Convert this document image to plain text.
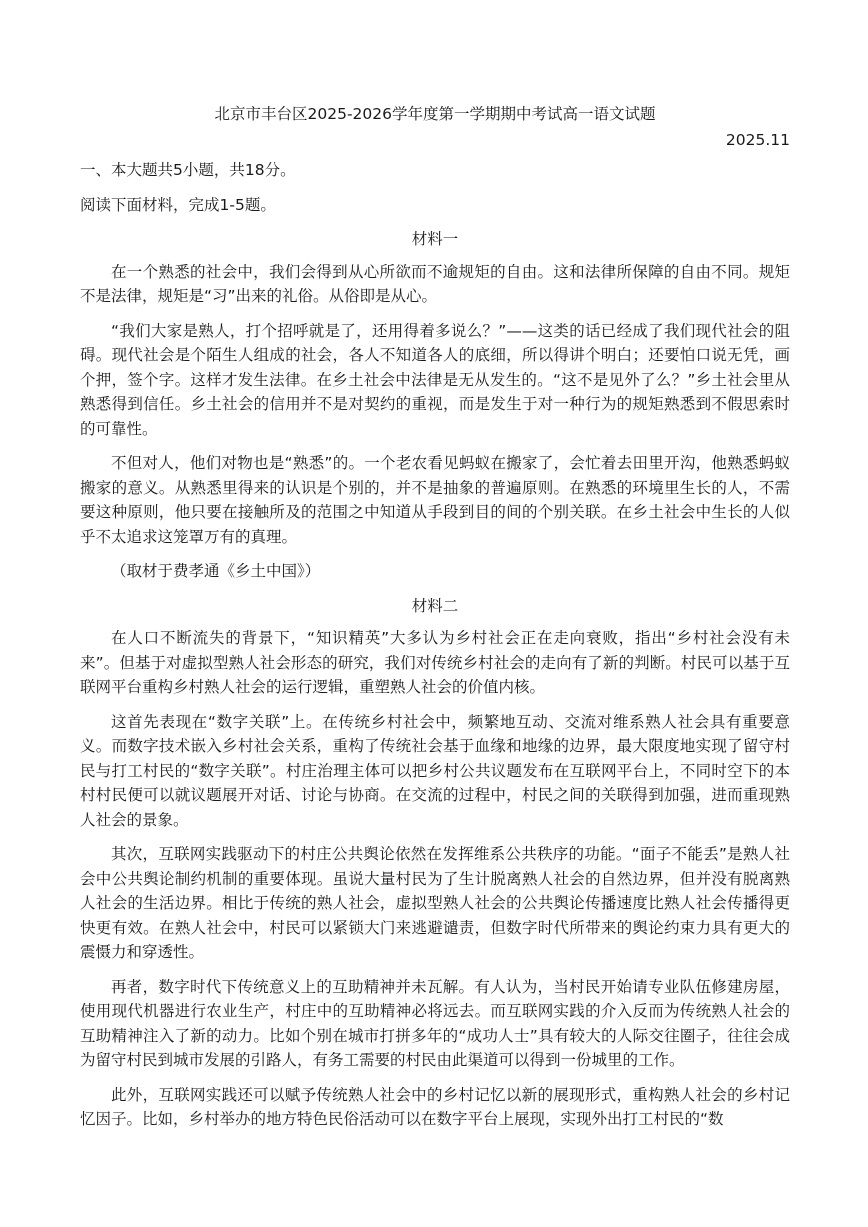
北京市丰台区2025-2026学年度第一学期期中考试高一语文试题

2025.11

一、本大题共5小题，共18分。

阅读下面材料，完成1-5题。

材料一

在一个熟悉的社会中，我们会得到从心所欲而不逾规矩的自由。这和法律所保障的自由不同。规矩不是法律，规矩是“习”出来的礼俗。从俗即是从心。

“我们大家是熟人，打个招呼就是了，还用得着多说么？”——这类的话已经成了我们现代社会的阻碍。现代社会是个陌生人组成的社会，各人不知道各人的底细，所以得讲个明白；还要怕口说无凭，画个押，签个字。这样才发生法律。在乡土社会中法律是无从发生的。“这不是见外了么？”乡土社会里从熟悉得到信任。乡土社会的信用并不是对契约的重视，而是发生于对一种行为的规矩熟悉到不假思索时的可靠性。

不但对人，他们对物也是“熟悉”的。一个老农看见蚂蚁在搬家了，会忙着去田里开沟，他熟悉蚂蚁搬家的意义。从熟悉里得来的认识是个别的，并不是抽象的普遍原则。在熟悉的环境里生长的人，不需要这种原则，他只要在接触所及的范围之中知道从手段到目的间的个别关联。在乡土社会中生长的人似乎不太追求这笼罩万有的真理。

（取材于费孝通《乡土中国》）

材料二

在人口不断流失的背景下，“知识精英”大多认为乡村社会正在走向衰败，指出“乡村社会没有未来”。但基于对虚拟型熟人社会形态的研究，我们对传统乡村社会的走向有了新的判断。村民可以基于互联网平台重构乡村熟人社会的运行逻辑，重塑熟人社会的价值内核。

这首先表现在“数字关联”上。在传统乡村社会中，频繁地互动、交流对维系熟人社会具有重要意义。而数字技术嵌入乡村社会关系，重构了传统社会基于血缘和地缘的边界，最大限度地实现了留守村民与打工村民的“数字关联”。村庄治理主体可以把乡村公共议题发布在互联网平台上，不同时空下的本村村民便可以就议题展开对话、讨论与协商。在交流的过程中，村民之间的关联得到加强，进而重现熟人社会的景象。

其次，互联网实践驱动下的村庄公共舆论依然在发挥维系公共秩序的功能。“面子不能丢”是熟人社会中公共舆论制约机制的重要体现。虽说大量村民为了生计脱离熟人社会的自然边界，但并没有脱离熟人社会的生活边界。相比于传统的熟人社会，虚拟型熟人社会的公共舆论传播速度比熟人社会传播得更快更有效。在熟人社会中，村民可以紧锁大门来逃避谴责，但数字时代所带来的舆论约束力具有更大的震慑力和穿透性。

再者，数字时代下传统意义上的互助精神并未瓦解。有人认为，当村民开始请专业队伍修建房屋，使用现代机器进行农业生产，村庄中的互助精神必将远去。而互联网实践的介入反而为传统熟人社会的互助精神注入了新的动力。比如个别在城市打拼多年的“成功人士”具有较大的人际交往圈子，往往会成为留守村民到城市发展的引路人，有务工需要的村民由此渠道可以得到一份城里的工作。

此外，互联网实践还可以赋予传统熟人社会中的乡村记忆以新的展现形式，重构熟人社会的乡村记忆因子。比如，乡村举办的地方特色民俗活动可以在数字平台上展现，实现外出打工村民的“数
